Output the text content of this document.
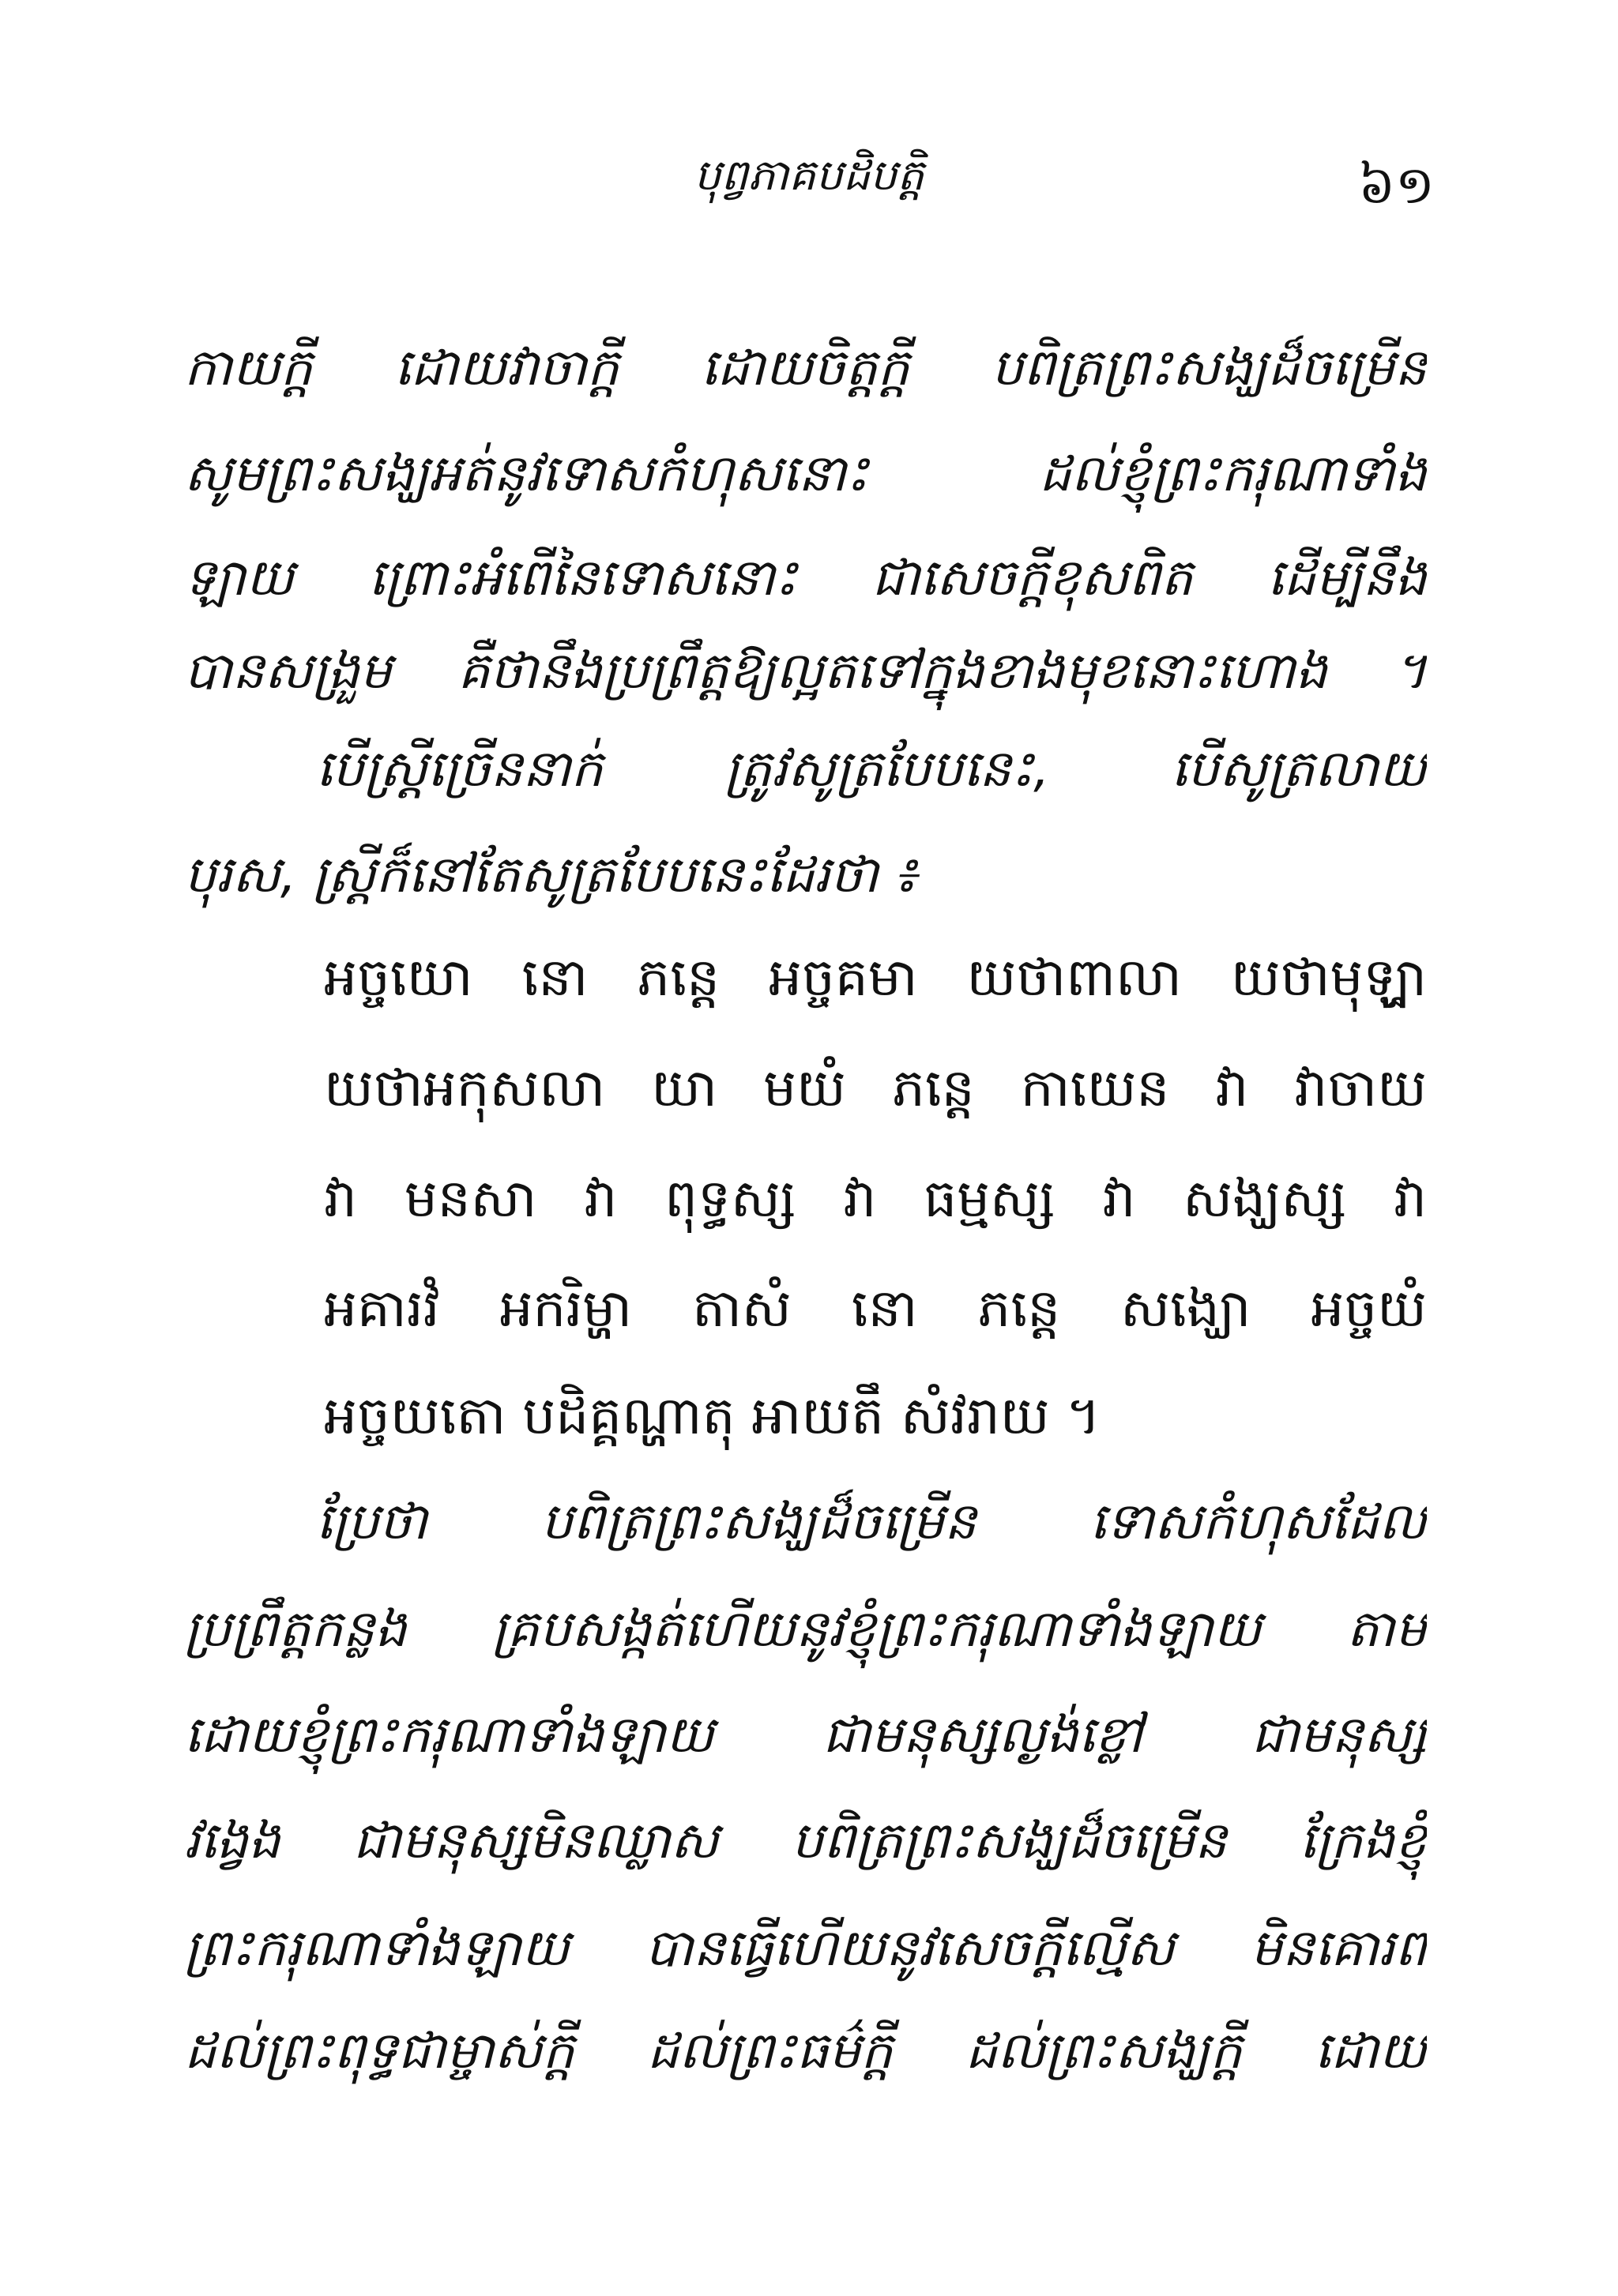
បុព្វភាគបដិបត្តិ	៦១
កាយក្តី ដោយវាចាក្តី ដោយចិត្តក្តី បពិត្រព្រះសង្ឃដ៏ចម្រើន
សូមព្រះសង្ឃអត់នូវទោសកំហុសនោះ ដល់ខ្ញុំព្រះករុណាទាំង
ឡាយ ព្រោះអំពើនៃទោសនោះ ជាសេចក្តីខុសពិត ដើម្បីនឹង
បានសង្រួម គឺថានឹងប្រព្រឹត្តឱ្យល្អតទៅក្នុងខាងមុខនោះហោង ។
បើស្ត្រីច្រើននាក់ ត្រូវសូត្របែបនេះ, បើសូត្រលាយ
បុរស, ស្ត្រីក៏នៅតែសូត្របែបនេះដែរថា ៖
អច្ចយោ នោ ភន្តេ អច្ចគមា យថាពាលា យថាមុឡ្ហា
យថាអកុសលា យា មយំ ភន្តេ កាយេន វា វាចាយ
វា មនសា វា ពុទ្ធស្ស វា ធម្មស្ស វា សង្ឃស្ស វា
អគារវំ អករិម្ហា តាសំ នោ ភន្តេ សង្ឃោ អច្ចយំ
អច្ចយតោ បដិគ្គណ្ហាតុ អាយតឹ សំវរាយ ។
ប្រែថា បពិត្រព្រះសង្ឃដ៏ចម្រើន ទោសកំហុសដែល
ប្រព្រឹត្តកន្លង គ្របសង្កត់ហើយនូវខ្ញុំព្រះករុណាទាំងឡាយ តាម
ដោយខ្ញុំព្រះករុណាទាំងឡាយ ជាមនុស្សល្ងង់ខ្លៅ ជាមនុស្ស
វង្វេង ជាមនុស្សមិនឈ្លាស បពិត្រព្រះសង្ឃដ៏ចម្រើន ក្រែងខ្ញុំ
ព្រះករុណាទាំងឡាយ បានធ្វើហើយនូវសេចក្តីល្មើស មិនគោរព
ដល់ព្រះពុទ្ធជាម្ចាស់ក្តី ដល់ព្រះធម៌ក្តី ដល់ព្រះសង្ឃក្តី ដោយ
